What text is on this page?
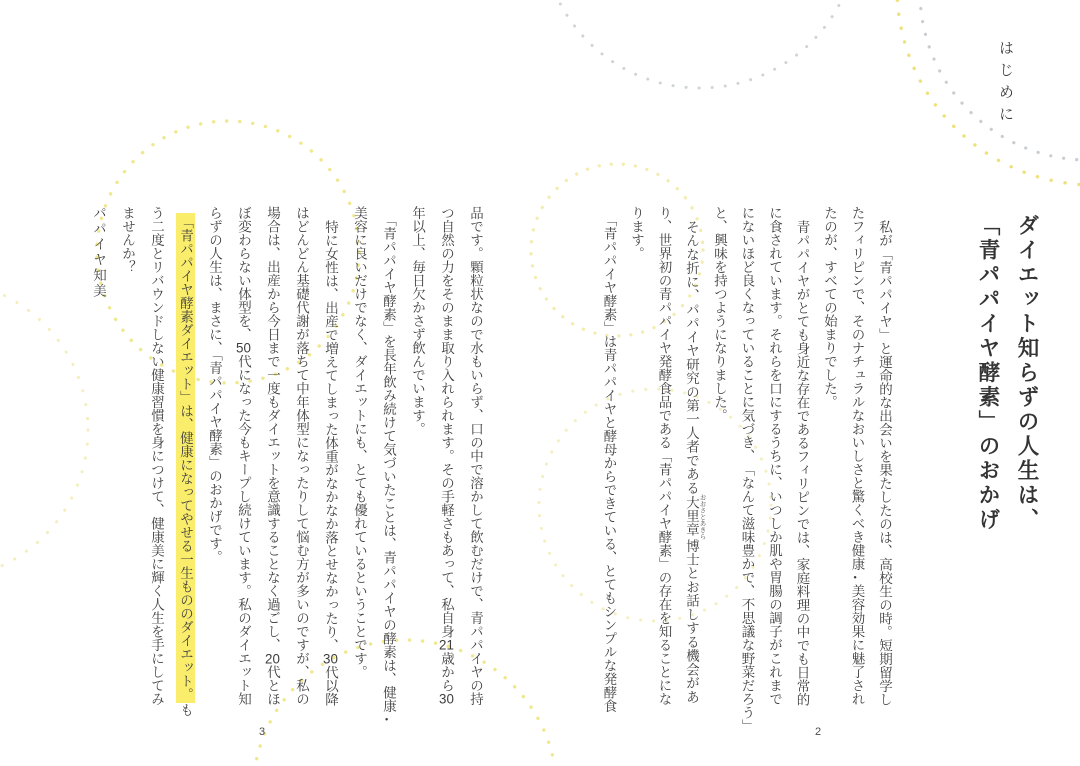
はじめに

ダイエット知らずの人生は、

「青パパイヤ酵素」のおかげ

私が「青パパイヤ」と運命的な出会いを果たしたのは、高校生の時。短期留学し

たフィリピンで、そのナチュラルなおいしさと驚くべき健康・美容効果に魅了され

たのが、すべての始まりでした。

青パパイヤがとても身近な存在であるフィリピンでは、家庭料理の中でも日常的

に食されています。それらを口にするうちに、いつしか肌や胃腸の調子がこれまで

にないほど良くなっていることに気づき、「なんて滋味豊かで、不思議な野菜だろう」

と、興味を持つようになりました。

そんな折に、パパイヤ研究の第一人者である大里章 おおさとあきら博士とお話しする機会があ

り、世界初の青パパイヤ発酵食品である「青パパイヤ酵素」の存在を知ることにな

ります。

「青パパイヤ酵素」は青パパイヤと酵母からできている、とてもシンプルな発酵食

品です。顆粒状なので水もいらず、口の中で溶かして飲むだけで、青パパイヤの持

つ自然の力をそのまま取り入れられます。その手軽さもあって、私自身21歳から30

年以上、毎日欠かさず飲んでいます。

「青パパイヤ酵素」を長年飲み続けて気づいたことは、青パパイヤの酵素は、健康・

美容に良いだけでなく、ダイエットにも、とても優れているということです。

特に女性は、出産で増えてしまった体重がなかなか落とせなかったり、30代以降

はどんどん基礎代謝が落ちて中年体型になったりして悩む方が多いのですが、私の

場合は、出産から今日まで一度もダイエットを意識することなく過ごし、20代とほ

ぼ変わらない体型を、50代になった今もキープし続けています。私のダイエット知

らずの人生は、まさに、「青パパイヤ酵素」のおかげです。

「青パパイヤ酵素ダイエット」は、健康になってやせる一生もののダイエット。も

う二度とリバウンドしない健康習慣を身につけて、健康美に輝く人生を手にしてみ

ませんか？

パパイヤ知美

2
3
